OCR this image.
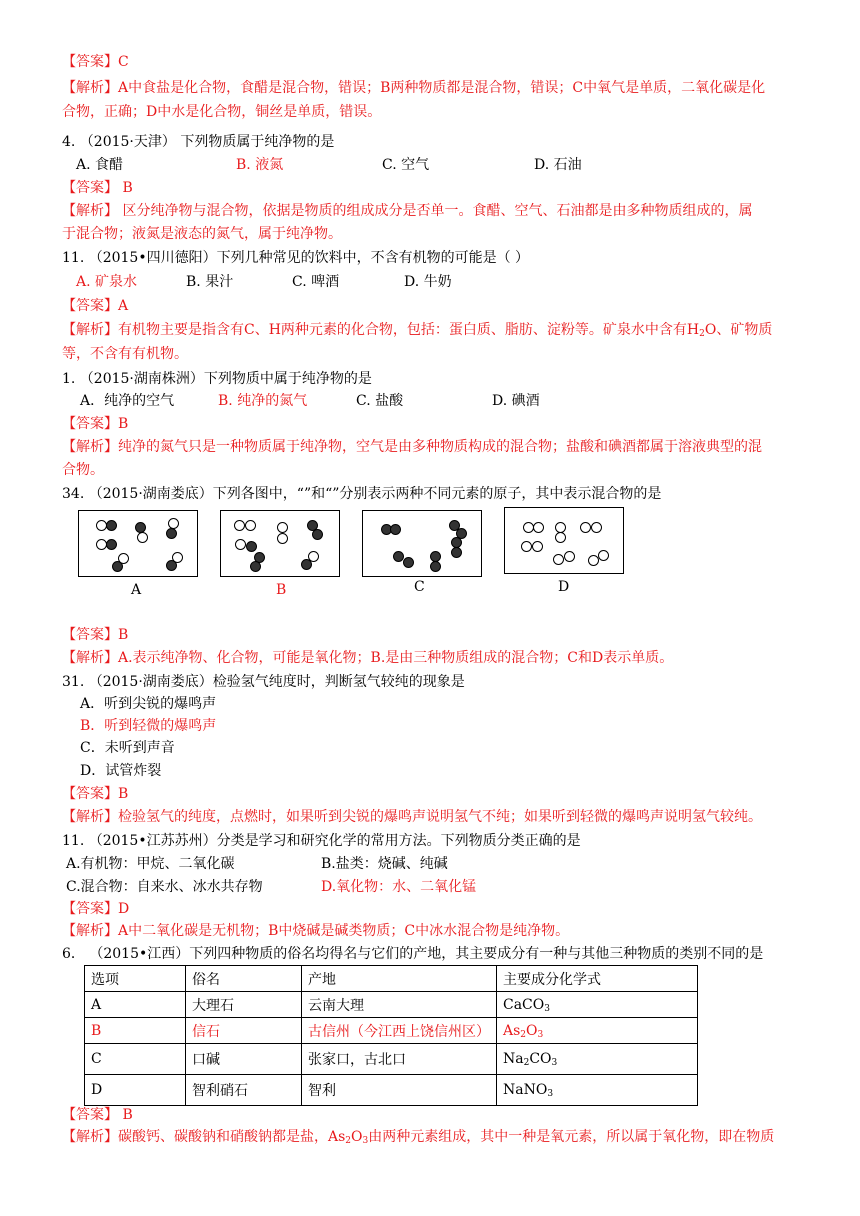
【答案】C
【解析】A中食盐是化合物，食醋是混合物，错误；B两种物质都是混合物，错误；C中氧气是单质，二氧化碳是化
合物，正确；D中水是化合物，铜丝是单质，错误。
4. （2015·天津） 下列物质属于纯净物的是
A. 食醋	B. 液氮	C. 空气	D. 石油
【答案】 B
【解析】 区分纯净物与混合物，依据是物质的组成成分是否单一。食醋、空气、石油都是由多种物质组成的，属
于混合物；液氮是液态的氮气，属于纯净物。
11. （2015•四川德阳）下列几种常见的饮料中，不含有机物的可能是（ ）
A. 矿泉水	B. 果汁	C. 啤酒	D. 牛奶
【答案】A
【解析】有机物主要是指含有C、H两种元素的化合物，包括：蛋白质、脂肪、淀粉等。矿泉水中含有$H_2O$、矿物质
等，不含有有机物。
1. （2015·湖南株洲）下列物质中属于纯净物的是
A．纯净的空气	B. 纯净的氮气	C. 盐酸	D. 碘酒
【答案】B
【解析】纯净的氮气只是一种物质属于纯净物，空气是由多种物质构成的混合物；盐酸和碘酒都属于溶液典型的混
合物。
34. （2015·湖南娄底）下列各图中，“”和“”分别表示两种不同元素的原子，其中表示混合物的是
A	B	C	D
【答案】B
【解析】A.表示纯净物、化合物，可能是氧化物；B.是由三种物质组成的混合物；C和D表示单质。
31. （2015·湖南娄底）检验氢气纯度时，判断氢气较纯的现象是
A．听到尖锐的爆鸣声
B．听到轻微的爆鸣声
C．未听到声音
D．试管炸裂
【答案】B
【解析】检验氢气的纯度，点燃时，如果听到尖锐的爆鸣声说明氢气不纯；如果听到轻微的爆鸣声说明氢气较纯。
11. （2015•江苏苏州）分类是学习和研究化学的常用方法。下列物质分类正确的是
A.有机物：甲烷、二氧化碳	B.盐类：烧碱、纯碱
C.混合物：自来水、冰水共存物	D.氧化物：水、二氧化锰
【答案】D
【解析】A中二氧化碳是无机物；B中烧碱是碱类物质；C中冰水混合物是纯净物。
6． （2015•江西）下列四种物质的俗名均得名与它们的产地，其主要成分有一种与其他三种物质的类别不同的是
选项	俗名	产地	主要成分化学式
A	大理石	云南大理	CaCO$_3$
B	信石	古信州（今江西上饶信州区）	$As_2O_3$
C	口碱	张家口，古北口	$Na_2CO_3$
D	智利硝石	智利	NaNO$_3$
【答案】 B
【解析】碳酸钙、碳酸钠和硝酸钠都是盐，$As_2O_3$由两种元素组成，其中一种是氧元素，所以属于氧化物，即在物质
